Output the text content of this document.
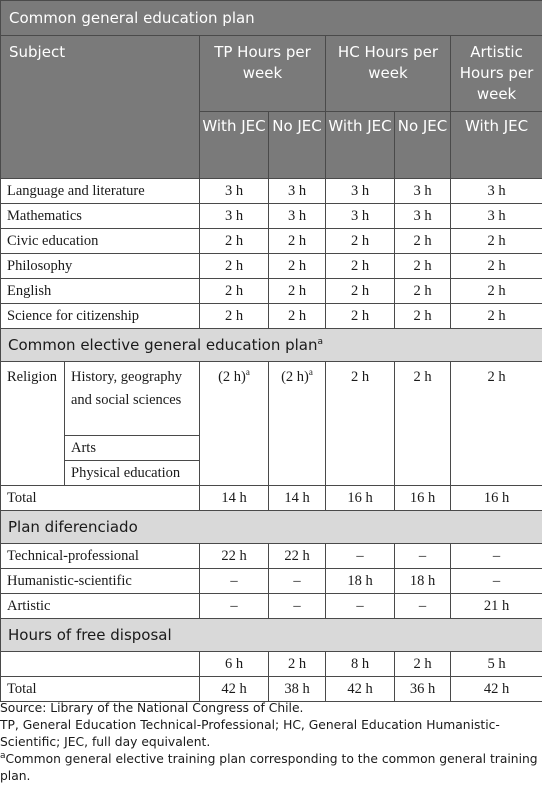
Common general education plan						
Subject		TP Hours per week		HC Hours per week		Artistic Hours per week
		With JEC	No JEC	With JEC	No JEC	With JEC
Language and literature		3 h	3 h	3 h	3 h	3 h
Mathematics		3 h	3 h	3 h	3 h	3 h
Civic education		2 h	2 h	2 h	2 h	2 h
Philosophy		2 h	2 h	2 h	2 h	2 h
English		2 h	2 h	2 h	2 h	2 h
Science for citizenship		2 h	2 h	2 h	2 h	2 h
Common elective general education plan$^a$
Religion	History, geography and social sciences	(2 h)$^a$	(2 h)$^a$	2 h	2 h	2 h
	Arts					
	Physical education					

Total		14 h	14 h	16 h	16 h	16 h
Plan diferenciado						
Technical-professional		22 h	22 h	–	–	–
Humanistic-scientific		–	–	18 h	18 h	–
Artistic		–	–	–	–	21 h
Hours of free disposal						
		6 h	2 h	8 h	2 h	5 h
Total		42 h	38 h	42 h	36 h	42 h

Source: Library of the National Congress of Chile.

TP, General Education Technical-Professional; HC, General Education Humanistic-Scientific; JEC, full day equivalent.

$^a$Common general elective training plan corresponding to the common general training plan.
